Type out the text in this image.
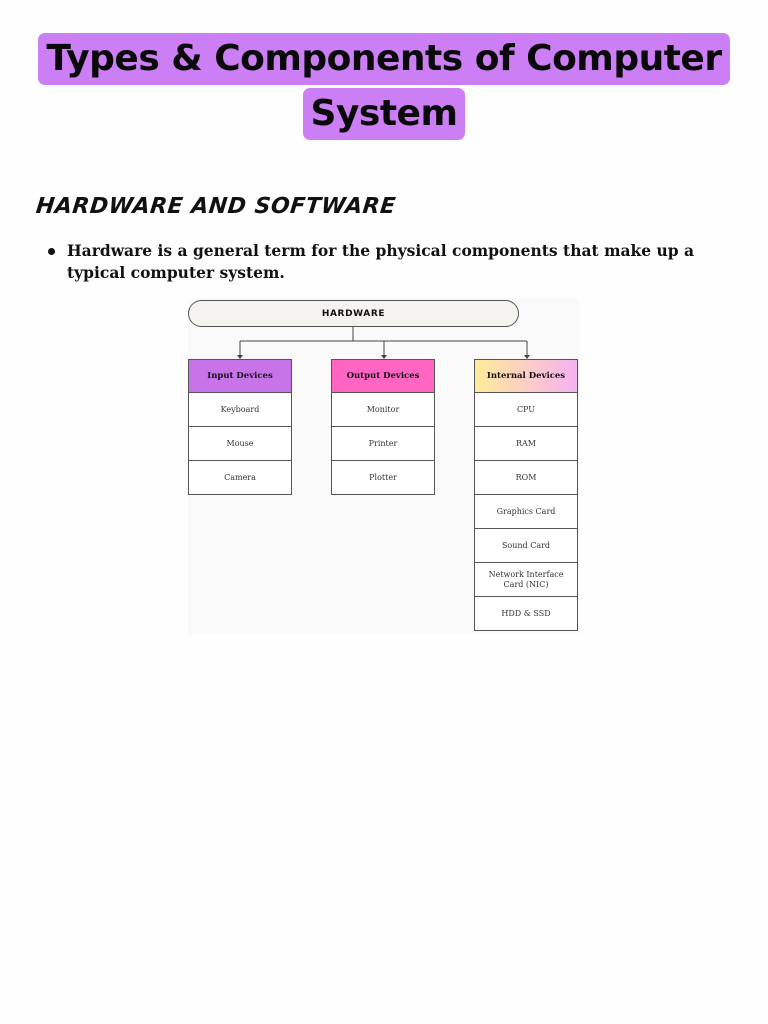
Types & Components of Computer
System
HARDWARE AND SOFTWARE
Hardware is a general term for the physical components that make up a typical computer system.
HARDWARE
Input Devices
Keyboard
Mouse
Camera
Output Devices
Monitor
Printer
Plotter
Internal Devices
CPU
RAM
ROM
Graphics Card
Sound Card
Network Interface Card (NIC)
HDD & SSD
